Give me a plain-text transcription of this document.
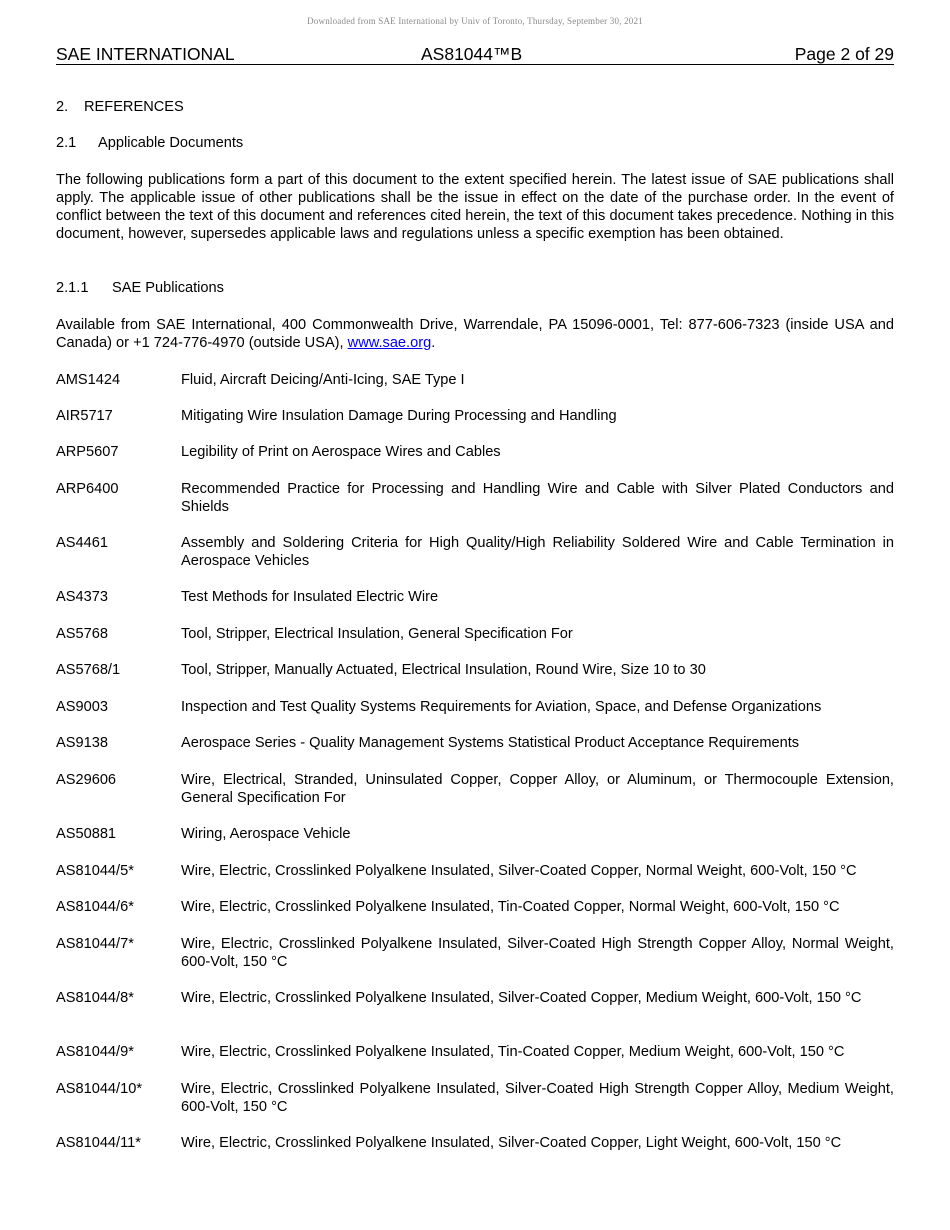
Downloaded from SAE International by Univ of Toronto, Thursday, September 30, 2021
SAE INTERNATIONAL	AS81044™B	Page 2 of 29
2. REFERENCES
2.1 Applicable Documents
The following publications form a part of this document to the extent specified herein. The latest issue of SAE publications shall apply. The applicable issue of other publications shall be the issue in effect on the date of the purchase order. In the event of conflict between the text of this document and references cited herein, the text of this document takes precedence. Nothing in this document, however, supersedes applicable laws and regulations unless a specific exemption has been obtained.
2.1.1 SAE Publications
Available from SAE International, 400 Commonwealth Drive, Warrendale, PA 15096-0001, Tel: 877-606-7323 (inside USA and Canada) or +1 724-776-4970 (outside USA), www.sae.org.
AMS1424	Fluid, Aircraft Deicing/Anti-Icing, SAE Type I
AIR5717	Mitigating Wire Insulation Damage During Processing and Handling
ARP5607	Legibility of Print on Aerospace Wires and Cables
ARP6400	Recommended Practice for Processing and Handling Wire and Cable with Silver Plated Conductors and Shields
AS4461	Assembly and Soldering Criteria for High Quality/High Reliability Soldered Wire and Cable Termination in Aerospace Vehicles
AS4373	Test Methods for Insulated Electric Wire
AS5768	Tool, Stripper, Electrical Insulation, General Specification For
AS5768/1	Tool, Stripper, Manually Actuated, Electrical Insulation, Round Wire, Size 10 to 30
AS9003	Inspection and Test Quality Systems Requirements for Aviation, Space, and Defense Organizations
AS9138	Aerospace Series - Quality Management Systems Statistical Product Acceptance Requirements
AS29606	Wire, Electrical, Stranded, Uninsulated Copper, Copper Alloy, or Aluminum, or Thermocouple Extension, General Specification For
AS50881	Wiring, Aerospace Vehicle
AS81044/5*	Wire, Electric, Crosslinked Polyalkene Insulated, Silver-Coated Copper, Normal Weight, 600-Volt, 150 °C
AS81044/6*	Wire, Electric, Crosslinked Polyalkene Insulated, Tin-Coated Copper, Normal Weight, 600-Volt, 150 °C
AS81044/7*	Wire, Electric, Crosslinked Polyalkene Insulated, Silver-Coated High Strength Copper Alloy, Normal Weight, 600-Volt, 150 °C
AS81044/8*	Wire, Electric, Crosslinked Polyalkene Insulated, Silver-Coated Copper, Medium Weight, 600-Volt, 150 °C
AS81044/9*	Wire, Electric, Crosslinked Polyalkene Insulated, Tin-Coated Copper, Medium Weight, 600-Volt, 150 °C
AS81044/10*	Wire, Electric, Crosslinked Polyalkene Insulated, Silver-Coated High Strength Copper Alloy, Medium Weight, 600-Volt, 150 °C
AS81044/11*	Wire, Electric, Crosslinked Polyalkene Insulated, Silver-Coated Copper, Light Weight, 600-Volt, 150 °C
